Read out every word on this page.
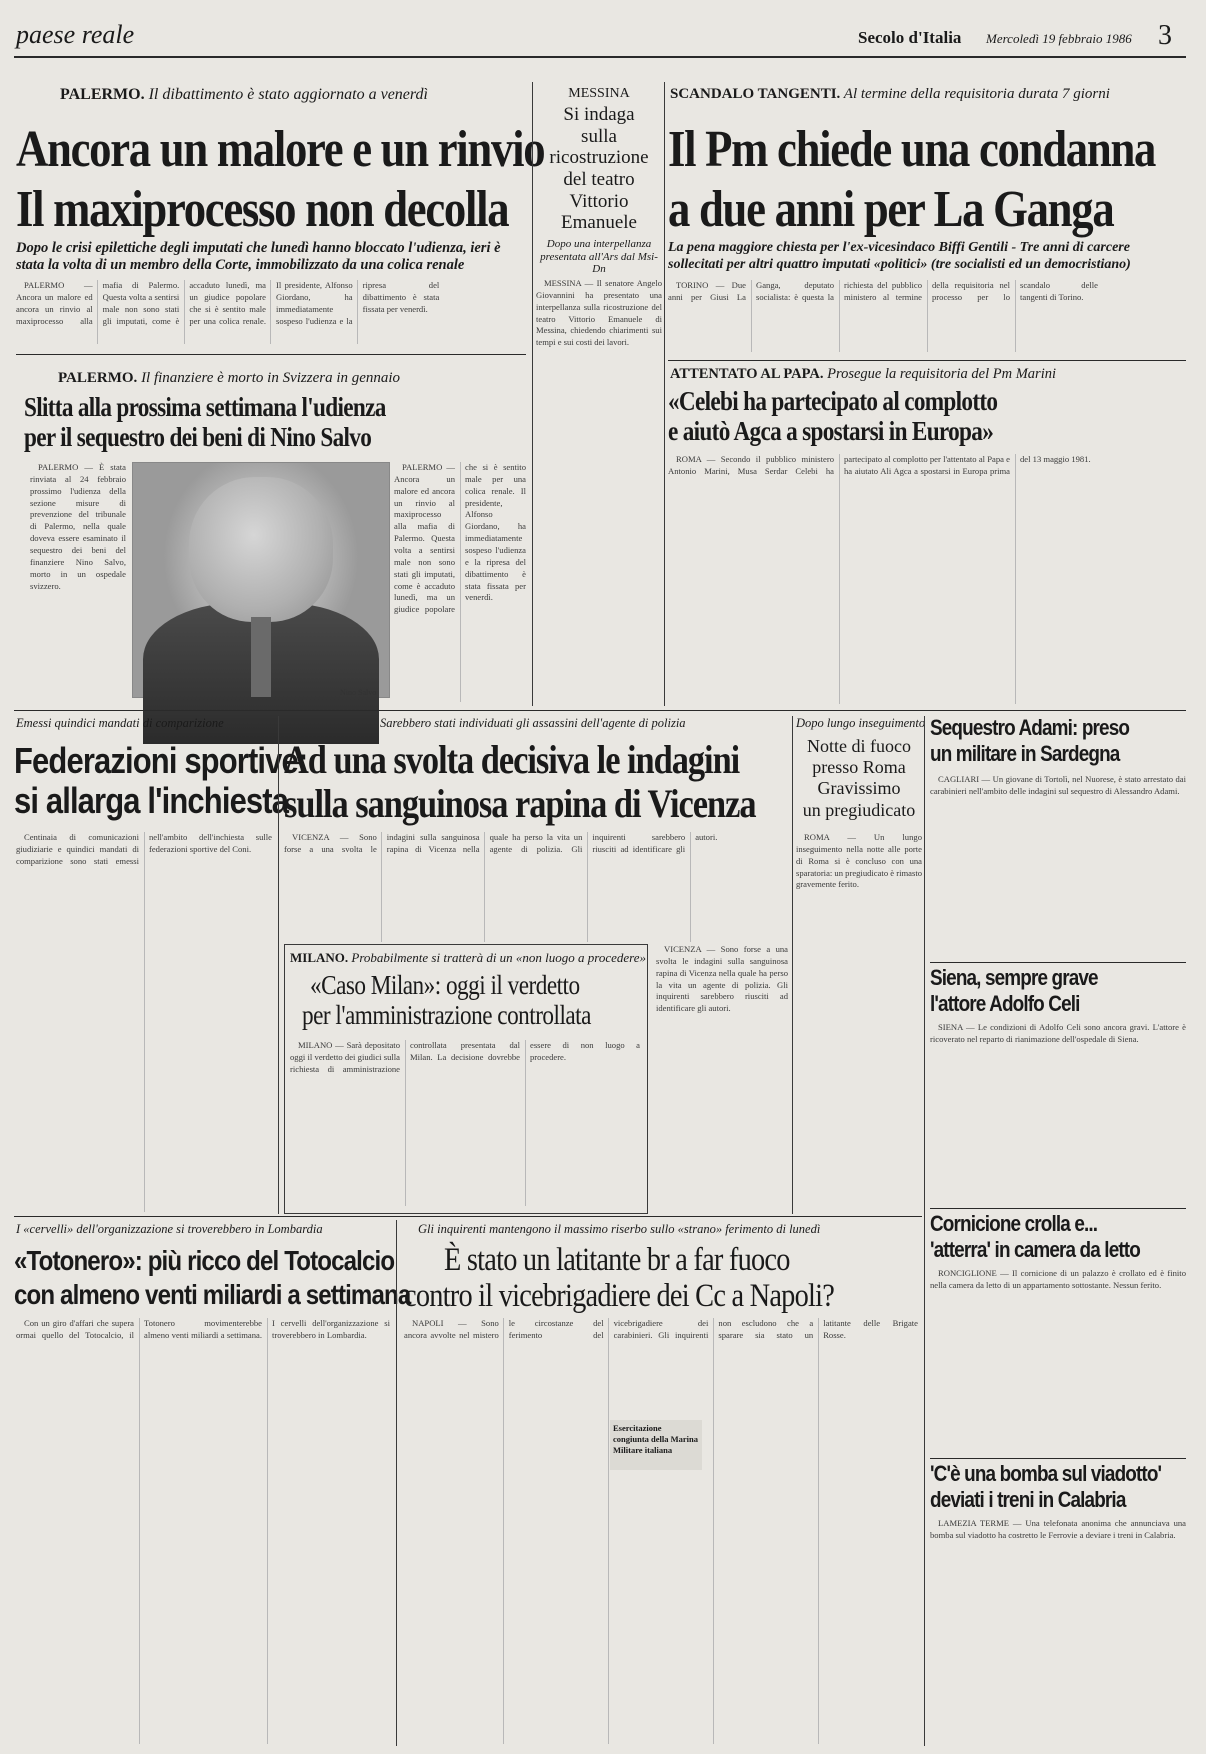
paese reale	Secolo d'Italia Mercoledì 19 febbraio 1986 3
PALERMO. Il dibattimento è stato aggiornato a venerdì
Ancora un malore e un rinvio
Il maxiprocesso non decolla
Dopo le crisi epilettiche degli imputati che lunedì hanno bloccato l'udienza, ieri è stata la volta di un membro della Corte, immobilizzato da una colica renale

PALERMO — Ancora un malore ed ancora un rinvio al maxiprocesso alla mafia di Palermo. Questa volta a sentirsi male non sono stati gli imputati, come è accaduto lunedì, ma un giudice popolare che si è sentito male per una colica renale. Il presidente, Alfonso Giordano, ha immediatamente sospeso l'udienza e la ripresa del dibattimento è stata fissata per venerdì.

PALERMO. Il finanziere è morto in Svizzera in gennaio
Slitta alla prossima settimana l'udienza
per il sequestro dei beni di Nino Salvo

PALERMO — È stata rinviata al 24 febbraio prossimo l'udienza della sezione misure di prevenzione del tribunale di Palermo, nella quale doveva essere esaminato il sequestro dei beni del finanziere Nino Salvo, morto in un ospedale svizzero.

Nino Salvo

PALERMO — Ancora un malore ed ancora un rinvio al maxiprocesso alla mafia di Palermo. Questa volta a sentirsi male non sono stati gli imputati, come è accaduto lunedì, ma un giudice popolare che si è sentito male per una colica renale. Il presidente, Alfonso Giordano, ha immediatamente sospeso l'udienza e la ripresa del dibattimento è stata fissata per venerdì.

MESSINA
Si indaga
sulla
ricostruzione
del teatro
Vittorio
Emanuele
Dopo una interpellanza presentata all'Ars dal Msi-Dn

MESSINA — Il senatore Angelo Giovannini ha presentato una interpellanza sulla ricostruzione del teatro Vittorio Emanuele di Messina, chiedendo chiarimenti sui tempi e sui costi dei lavori.

SCANDALO TANGENTI. Al termine della requisitoria durata 7 giorni
Il Pm chiede una condanna
a due anni per La Ganga
La pena maggiore chiesta per l'ex-vicesindaco Biffi Gentili - Tre anni di carcere sollecitati per altri quattro imputati «politici» (tre socialisti ed un democristiano)

TORINO — Due anni per Giusi La Ganga, deputato socialista: è questa la richiesta del pubblico ministero al termine della requisitoria nel processo per lo scandalo delle tangenti di Torino.

ATTENTATO AL PAPA. Prosegue la requisitoria del Pm Marini
«Celebi ha partecipato al complotto
e aiutò Agca a spostarsi in Europa»

ROMA — Secondo il pubblico ministero Antonio Marini, Musa Serdar Celebi ha partecipato al complotto per l'attentato al Papa e ha aiutato Ali Agca a spostarsi in Europa prima del 13 maggio 1981.

Emessi quindici mandati di comparizione
Federazioni sportive:
si allarga l'inchiesta

Centinaia di comunicazioni giudiziarie e quindici mandati di comparizione sono stati emessi nell'ambito dell'inchiesta sulle federazioni sportive del Coni.

Sarebbero stati individuati gli assassini dell'agente di polizia
Ad una svolta decisiva le indagini
sulla sanguinosa rapina di Vicenza

VICENZA — Sono forse a una svolta le indagini sulla sanguinosa rapina di Vicenza nella quale ha perso la vita un agente di polizia. Gli inquirenti sarebbero riusciti ad identificare gli autori.

MILANO. Probabilmente si tratterà di un «non luogo a procedere»
«Caso Milan»: oggi il verdetto
per l'amministrazione controllata

MILANO — Sarà depositato oggi il verdetto dei giudici sulla richiesta di amministrazione controllata presentata dal Milan. La decisione dovrebbe essere di non luogo a procedere.

VICENZA — Sono forse a una svolta le indagini sulla sanguinosa rapina di Vicenza nella quale ha perso la vita un agente di polizia. Gli inquirenti sarebbero riusciti ad identificare gli autori.

Dopo lungo inseguimento
Notte di fuoco
presso Roma
Gravissimo
un pregiudicato

ROMA — Un lungo inseguimento nella notte alle porte di Roma si è concluso con una sparatoria: un pregiudicato è rimasto gravemente ferito.

Sequestro Adami: preso
un militare in Sardegna

CAGLIARI — Un giovane di Tortolì, nel Nuorese, è stato arrestato dai carabinieri nell'ambito delle indagini sul sequestro di Alessandro Adami.

Siena, sempre grave
l'attore Adolfo Celi

SIENA — Le condizioni di Adolfo Celi sono ancora gravi. L'attore è ricoverato nel reparto di rianimazione dell'ospedale di Siena.

Cornicione crolla e...
'atterra' in camera da letto

RONCIGLIONE — Il cornicione di un palazzo è crollato ed è finito nella camera da letto di un appartamento sottostante. Nessun ferito.

'C'è una bomba sul viadotto'
deviati i treni in Calabria

LAMEZIA TERME — Una telefonata anonima che annunciava una bomba sul viadotto ha costretto le Ferrovie a deviare i treni in Calabria.

I «cervelli» dell'organizzazione si troverebbero in Lombardia
«Totonero»: più ricco del Totocalcio
con almeno venti miliardi a settimana

Con un giro d'affari che supera ormai quello del Totocalcio, il Totonero movimenterebbe almeno venti miliardi a settimana. I cervelli dell'organizzazione si troverebbero in Lombardia.

Gli inquirenti mantengono il massimo riserbo sullo «strano» ferimento di lunedì
È stato un latitante br a far fuoco
contro il vicebrigadiere dei Cc a Napoli?

NAPOLI — Sono ancora avvolte nel mistero le circostanze del ferimento del vicebrigadiere dei carabinieri. Gli inquirenti non escludono che a sparare sia stato un latitante delle Brigate Rosse.

Esercitazione congiunta della Marina Militare italiana
